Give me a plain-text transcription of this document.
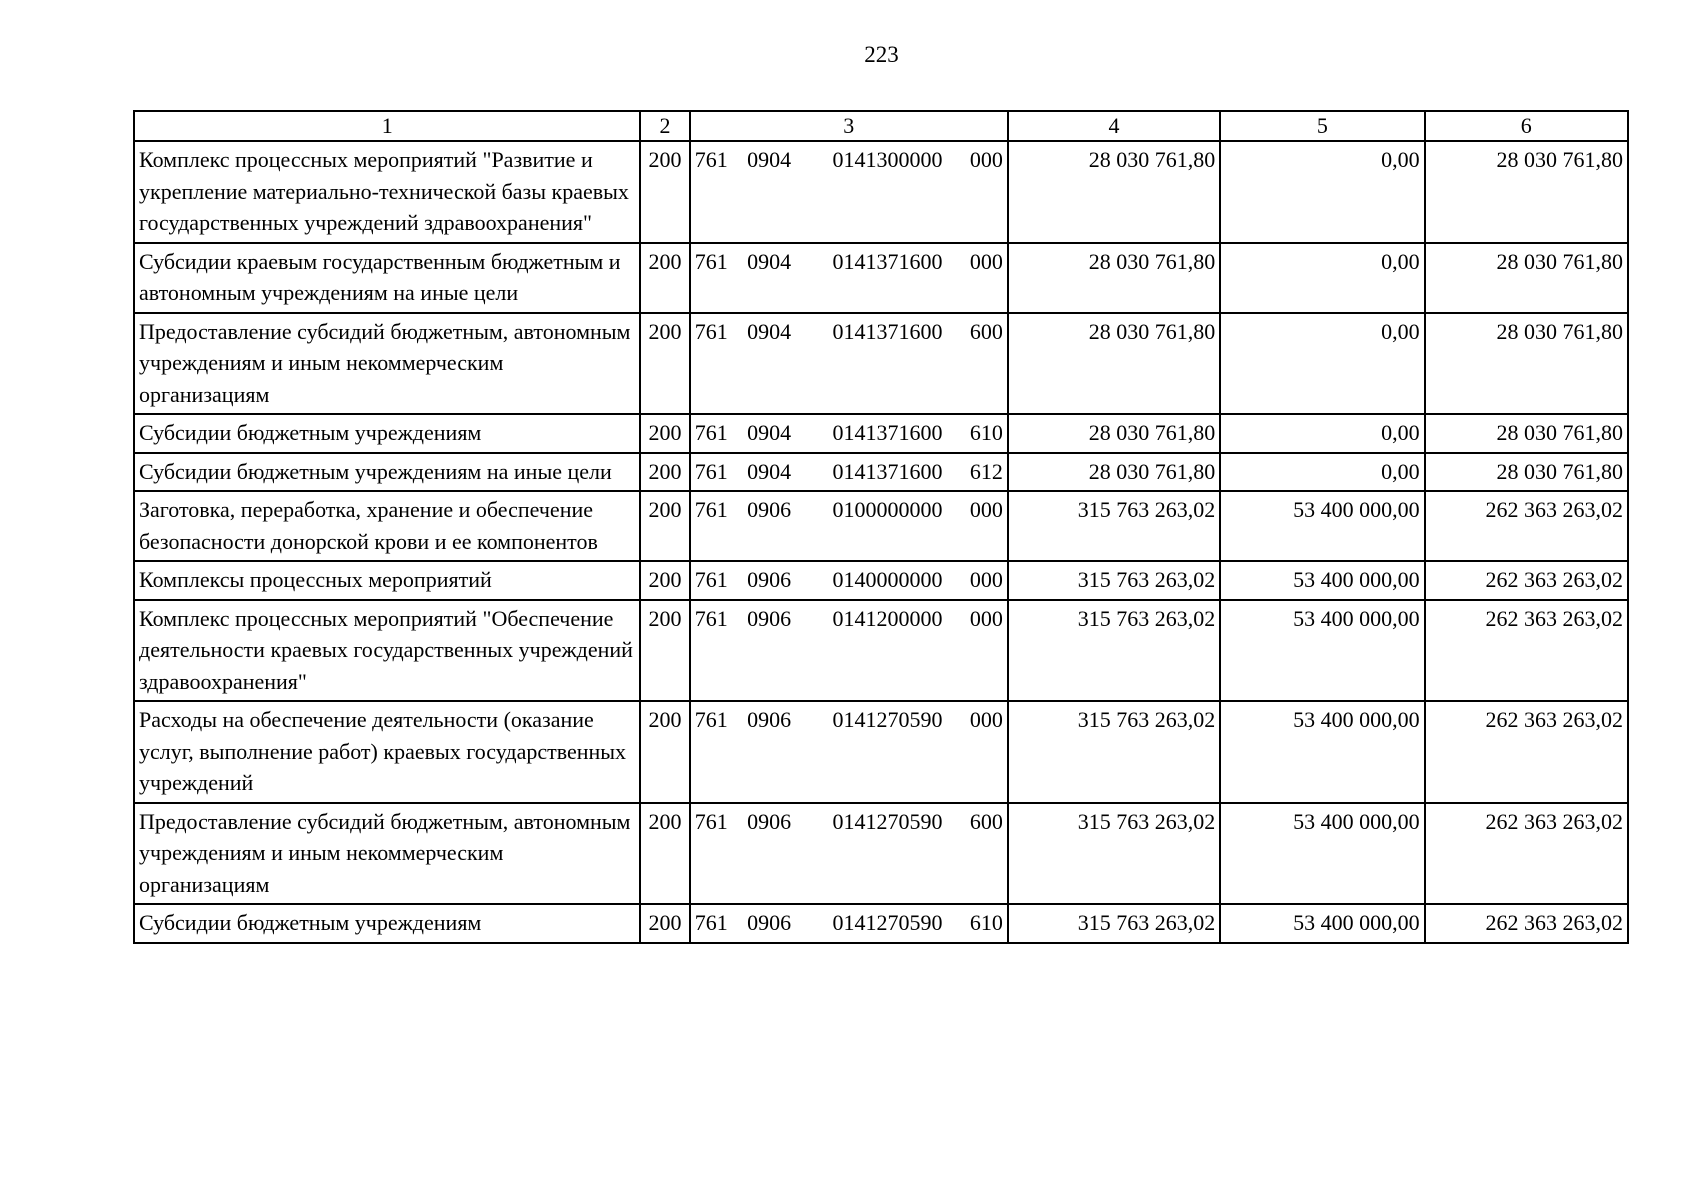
223
1	2	3	4	5	6
Комплекс процессных мероприятий "Развитие и укрепление материально-технической базы краевых государственных учреждений здравоохранения"	200	761 0904 0141300000 000	28 030 761,80	0,00	28 030 761,80
Субсидии краевым государственным бюджетным и автономным учреждениям на иные цели	200	761 0904 0141371600 000	28 030 761,80	0,00	28 030 761,80
Предоставление субсидий бюджетным, автономным учреждениям и иным некоммерческим организациям	200	761 0904 0141371600 600	28 030 761,80	0,00	28 030 761,80
Субсидии бюджетным учреждениям	200	761 0904 0141371600 610	28 030 761,80	0,00	28 030 761,80
Субсидии бюджетным учреждениям на иные цели	200	761 0904 0141371600 612	28 030 761,80	0,00	28 030 761,80
Заготовка, переработка, хранение и обеспечение безопасности донорской крови и ее компонентов	200	761 0906 0100000000 000	315 763 263,02	53 400 000,00	262 363 263,02
Комплексы процессных мероприятий	200	761 0906 0140000000 000	315 763 263,02	53 400 000,00	262 363 263,02
Комплекс процессных мероприятий "Обеспечение деятельности краевых государственных учреждений здравоохранения"	200	761 0906 0141200000 000	315 763 263,02	53 400 000,00	262 363 263,02
Расходы на обеспечение деятельности (оказание услуг, выполнение работ) краевых государственных учреждений	200	761 0906 0141270590 000	315 763 263,02	53 400 000,00	262 363 263,02
Предоставление субсидий бюджетным, автономным учреждениям и иным некоммерческим организациям	200	761 0906 0141270590 600	315 763 263,02	53 400 000,00	262 363 263,02
Субсидии бюджетным учреждениям	200	761 0906 0141270590 610	315 763 263,02	53 400 000,00	262 363 263,02
